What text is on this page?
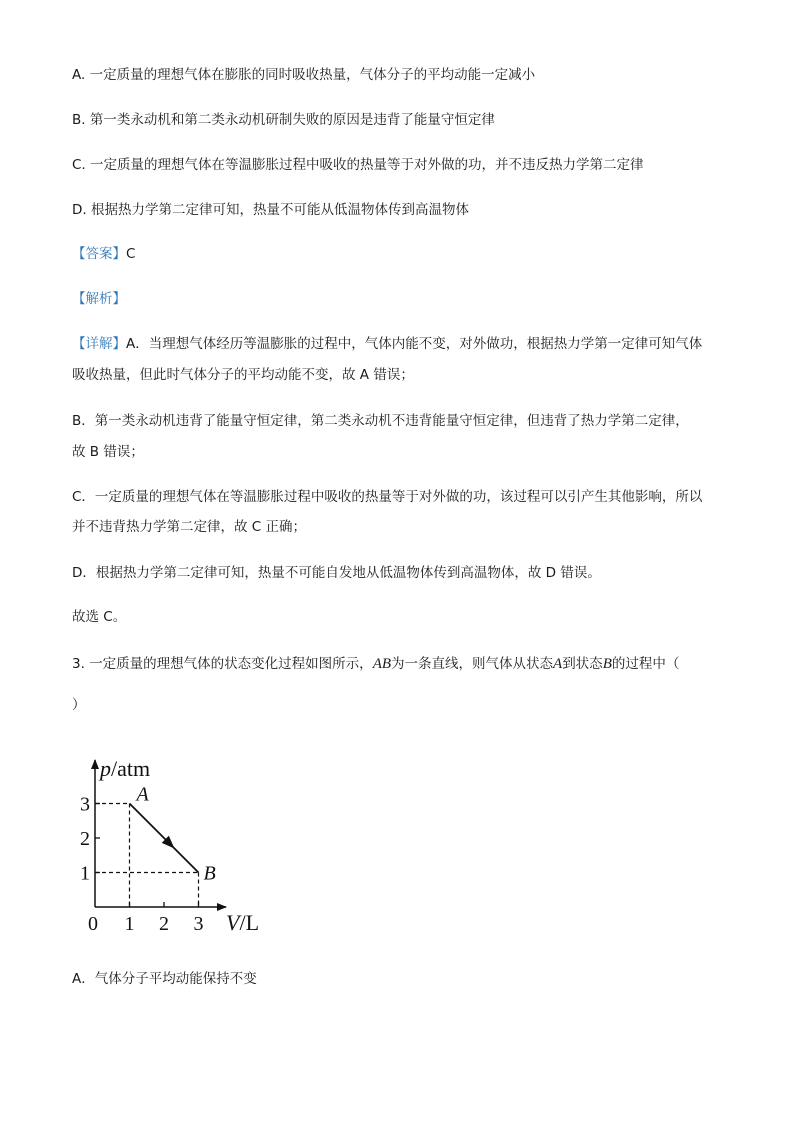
A. 一定质量的理想气体在膨胀的同时吸收热量，气体分子的平均动能一定减小
B. 第一类永动机和第二类永动机研制失败的原因是违背了能量守恒定律
C. 一定质量的理想气体在等温膨胀过程中吸收的热量等于对外做的功，并不违反热力学第二定律
D. 根据热力学第二定律可知，热量不可能从低温物体传到高温物体
【答案】C
【解析】
【详解】A．当理想气体经历等温膨胀的过程中，气体内能不变，对外做功，根据热力学第一定律可知气体
吸收热量，但此时气体分子的平均动能不变，故 A 错误；
B．第一类永动机违背了能量守恒定律，第二类永动机不违背能量守恒定律，但违背了热力学第二定律，
故 B 错误；
C．一定质量的理想气体在等温膨胀过程中吸收的热量等于对外做的功，该过程可以引产生其他影响，所以
并不违背热力学第二定律，故 C 正确；
D．根据热力学第二定律可知，热量不可能自发地从低温物体传到高温物体，故 D 错误。
故选 C。
3. 一定质量的理想气体的状态变化过程如图所示，AB为一条直线，则气体从状态A到状态B的过程中（
）
1 2 3
1
2
3 A
B
p/atm
V/L
0
A．气体分子平均动能保持不变
